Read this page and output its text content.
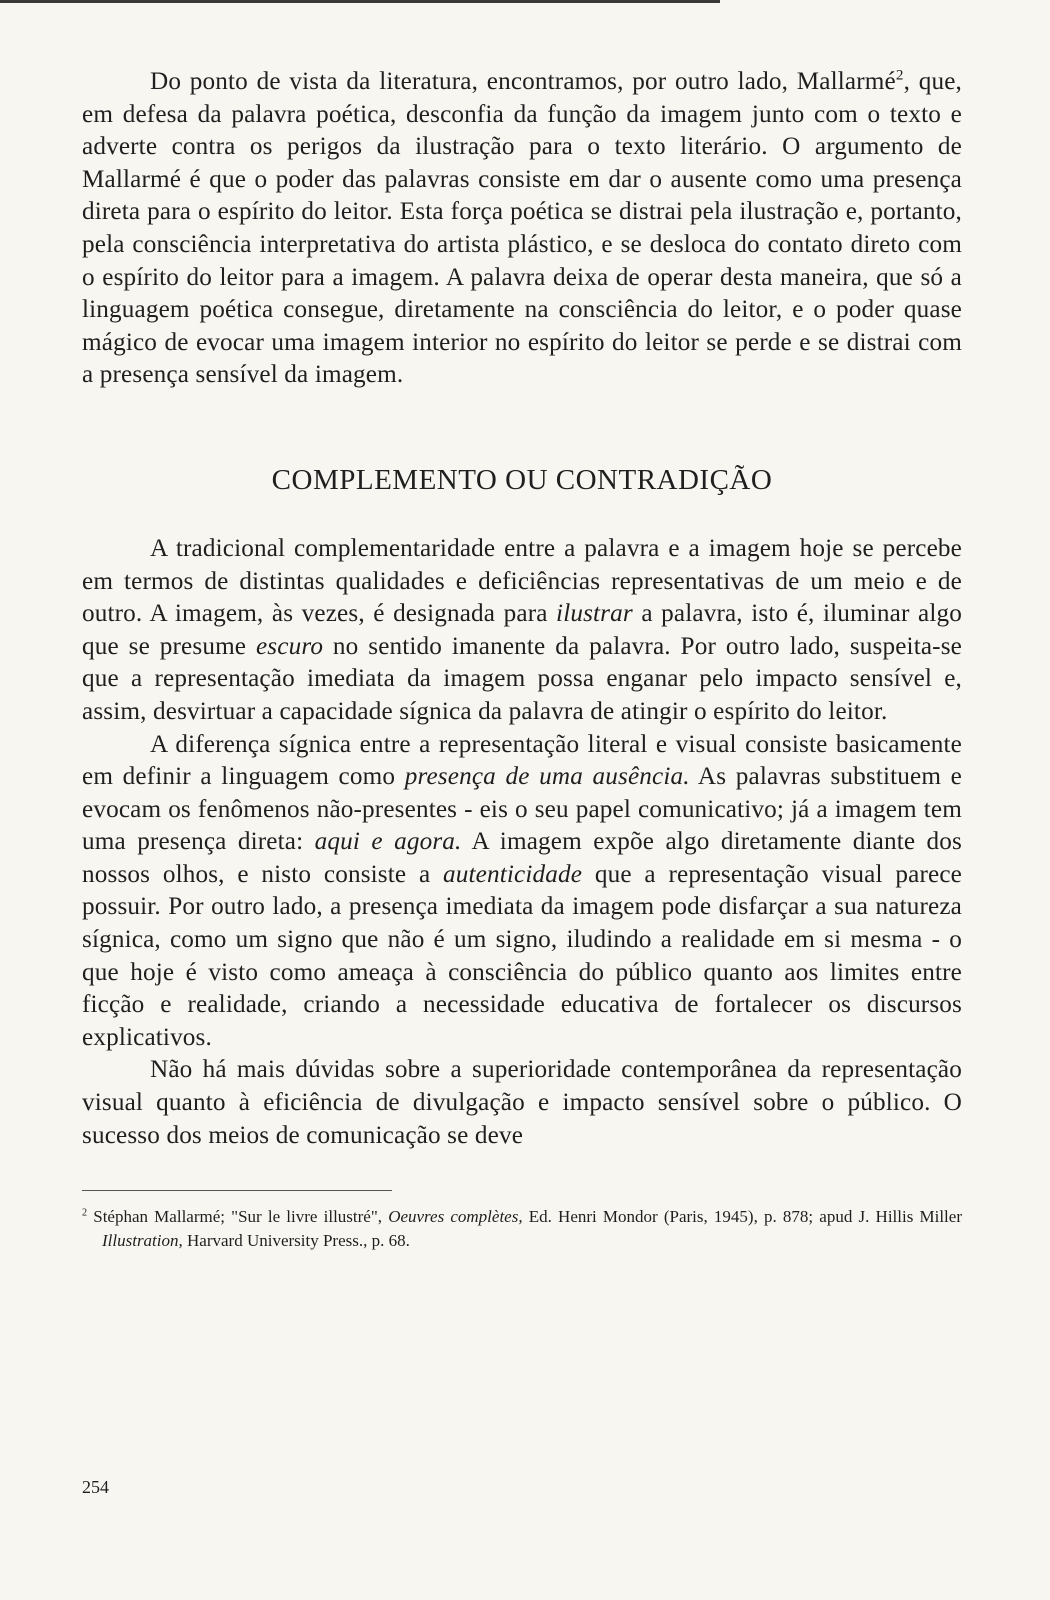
Do ponto de vista da literatura, encontramos, por outro lado, Mallarmé$^2$, que, em defesa da palavra poética, desconfia da função da imagem junto com o texto e adverte contra os perigos da ilustração para o texto literário. O argumento de Mallarmé é que o poder das palavras consiste em dar o ausente como uma presença direta para o espírito do leitor. Esta força poética se distrai pela ilustração e, portanto, pela consciência interpretativa do artista plástico, e se desloca do contato direto com o espírito do leitor para a imagem. A palavra deixa de operar desta maneira, que só a linguagem poética consegue, diretamente na consciência do leitor, e o poder quase mágico de evocar uma imagem interior no espírito do leitor se perde e se distrai com a presença sensível da imagem.

COMPLEMENTO OU CONTRADIÇÃO

A tradicional complementaridade entre a palavra e a imagem hoje se percebe em termos de distintas qualidades e deficiências representativas de um meio e de outro. A imagem, às vezes, é designada para ilustrar a palavra, isto é, iluminar algo que se presume escuro no sentido imanente da palavra. Por outro lado, suspeita-se que a representação imediata da imagem possa enganar pelo impacto sensível e, assim, desvirtuar a capacidade sígnica da palavra de atingir o espírito do leitor.

A diferença sígnica entre a representação literal e visual consiste basicamente em definir a linguagem como presença de uma ausência. As palavras substituem e evocam os fenômenos não-presentes - eis o seu papel comunicativo; já a imagem tem uma presença direta: aqui e agora. A imagem expõe algo diretamente diante dos nossos olhos, e nisto consiste a autenticidade que a representação visual parece possuir. Por outro lado, a presença imediata da imagem pode disfarçar a sua natureza sígnica, como um signo que não é um signo, iludindo a realidade em si mesma - o que hoje é visto como ameaça à consciência do público quanto aos limites entre ficção e realidade, criando a necessidade educativa de fortalecer os discursos explicativos.

Não há mais dúvidas sobre a superioridade contemporânea da representação visual quanto à eficiência de divulgação e impacto sensível sobre o público. O sucesso dos meios de comunicação se deve

$^2$ Stéphan Mallarmé; "Sur le livre illustré", Oeuvres complètes, Ed. Henri Mondor (Paris, 1945), p. 878; apud J. Hillis Miller Illustration, Harvard University Press., p. 68.
254
